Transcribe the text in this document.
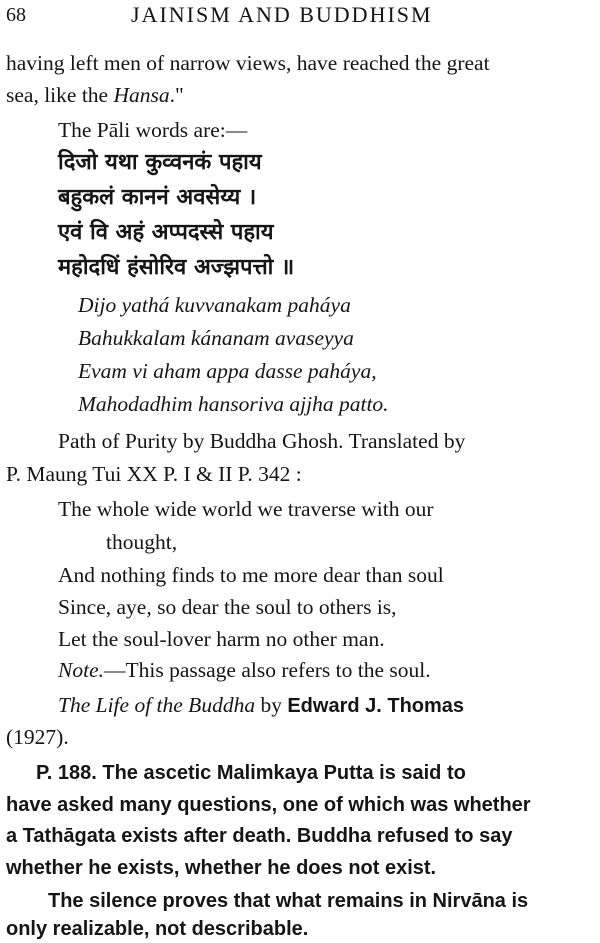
68	JAINISM AND BUDDHISM
having left men of narrow views, have reached the great
sea, like the Hansa."
The Pāli words are:—
दिजो यथा कुव्वनकं पहाय
बहुकलं काननं अवसेय्य ।
एवं वि अहं अप्पदस्से पहाय
महोदधिं हंसोरिव अज्झपत्तो ॥
Dijo yathá kuvvanakam paháya
Bahukkalam kánanam avaseyya
Evam vi aham appa dasse paháya,
Mahodadhim hansoriva ajjha patto.
Path of Purity by Buddha Ghosh. Translated by
P. Maung Tui XX P. I & II P. 342 :
The whole wide world we traverse with our
thought,
And nothing finds to me more dear than soul
Since, aye, so dear the soul to others is,
Let the soul-lover harm no other man.
Note.—This passage also refers to the soul.
The Life of the Buddha by Edward J. Thomas
(1927).
P. 188. The ascetic Malimkaya Putta is said to
have asked many questions, one of which was whether
a Tathāgata exists after death. Buddha refused to say
whether he exists, whether he does not exist.
The silence proves that what remains in Nirvāna is
only realizable, not describable.
